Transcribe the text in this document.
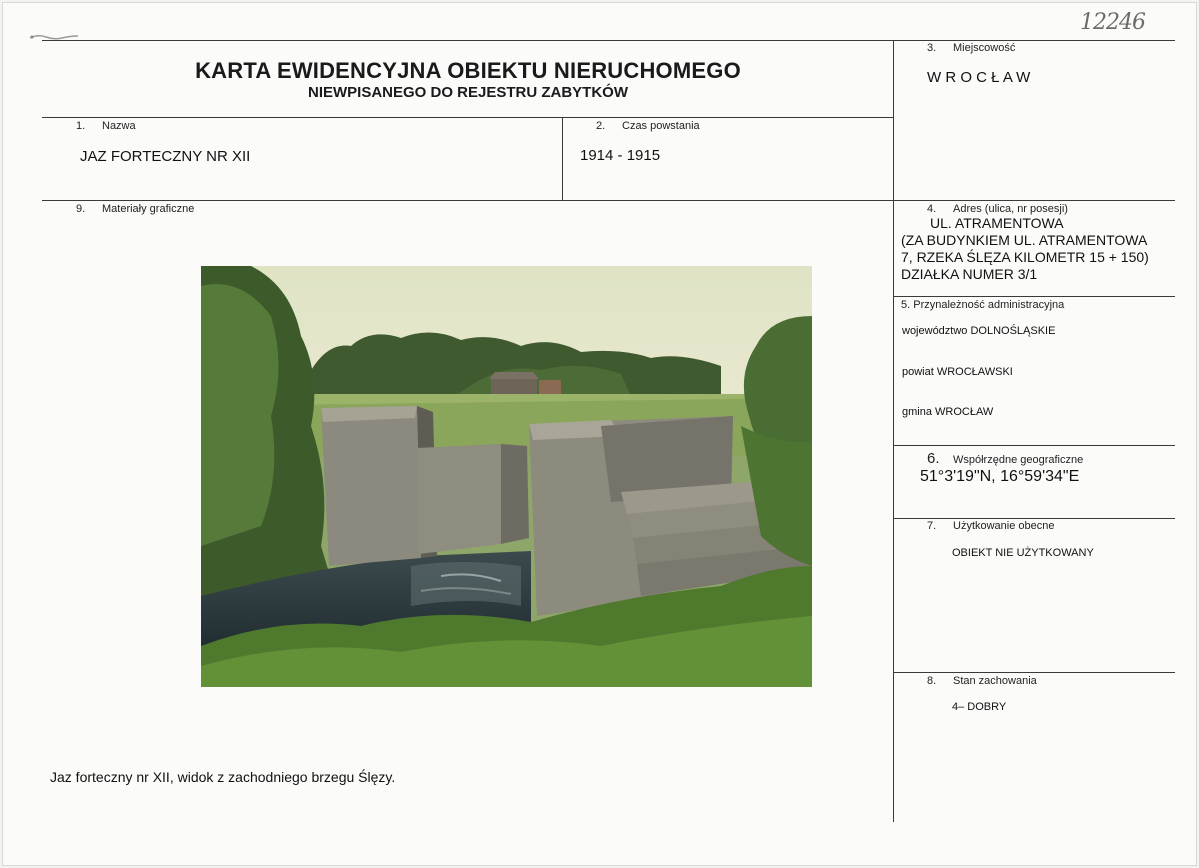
12246
KARTA EWIDENCYJNA OBIEKTU NIERUCHOMEGO
NIEWPISANEGO DO REJESTRU ZABYTKÓW
3. Miejscowość
W R O C Ł A W
1. Nazwa
JAZ FORTECZNY NR XII
2. Czas powstania
1914 - 1915
9. Materiały graficzne	4. Adres (ulica, nr posesji)
UL. ATRAMENTOWA
(ZA BUDYNKIEM UL. ATRAMENTOWA
7, RZEKA ŚLĘZA KILOMETR 15 + 150)
DZIAŁKA NUMER 3/1
5. Przynależność administracyjna
województwo DOLNOŚLĄSKIE
powiat WROCŁAWSKI
gmina WROCŁAW
6. Współrzędne geograficzne
51°3'19"N, 16°59'34"E
7. Użytkowanie obecne
OBIEKT NIE UŻYTKOWANY
8. Stan zachowania
4– DOBRY
Jaz forteczny nr XII, widok z zachodniego brzegu Ślęzy.
